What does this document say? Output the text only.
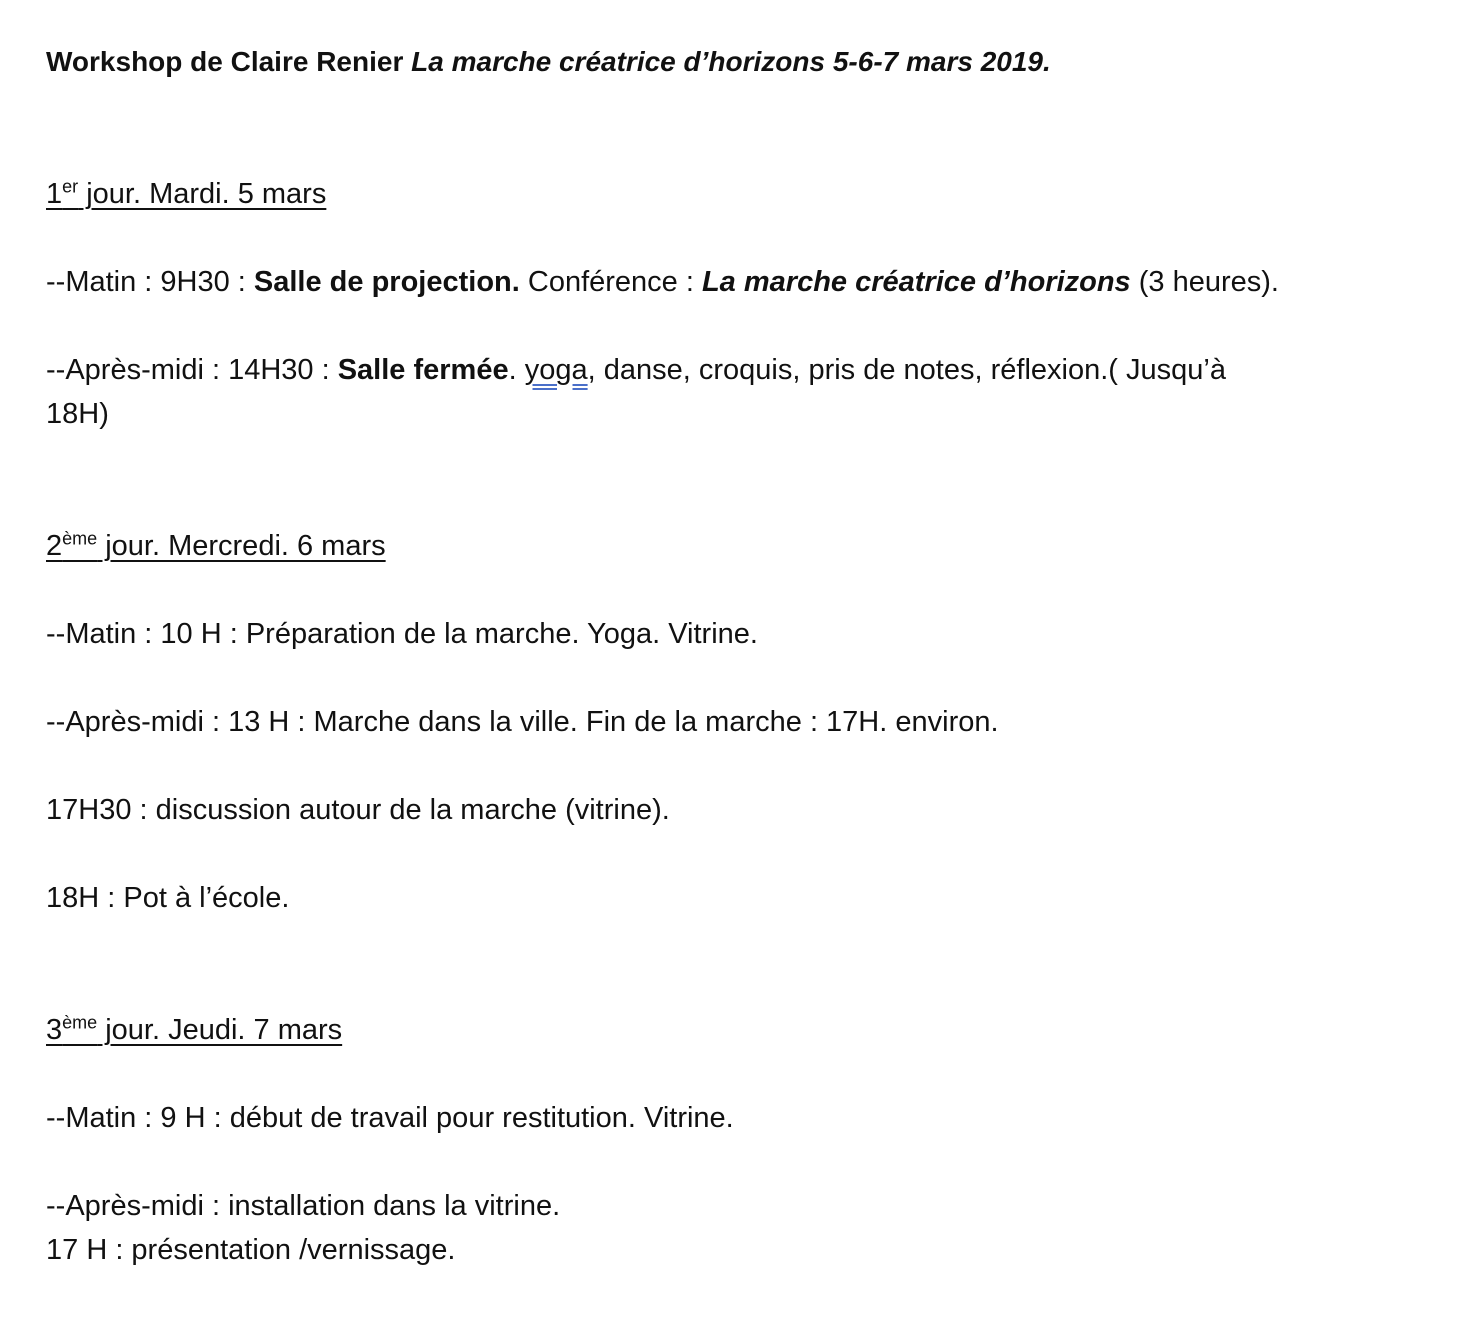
Workshop de Claire Renier La marche créatrice d’horizons 5-6-7 mars 2019.
1er jour. Mardi. 5 mars
--Matin : 9H30 : Salle de projection. Conférence : La marche créatrice d’horizons (3 heures).
--Après-midi : 14H30 : Salle fermée. yoga, danse, croquis, pris de notes, réflexion.( Jusqu’à
18H)
2ème jour. Mercredi. 6 mars
--Matin : 10 H : Préparation de la marche. Yoga. Vitrine.
--Après-midi : 13 H : Marche dans la ville. Fin de la marche : 17H. environ.
17H30 : discussion autour de la marche (vitrine).
18H : Pot à l’école.
3ème jour. Jeudi. 7 mars
--Matin : 9 H : début de travail pour restitution. Vitrine.
--Après-midi : installation dans la vitrine.
17 H : présentation /vernissage.
